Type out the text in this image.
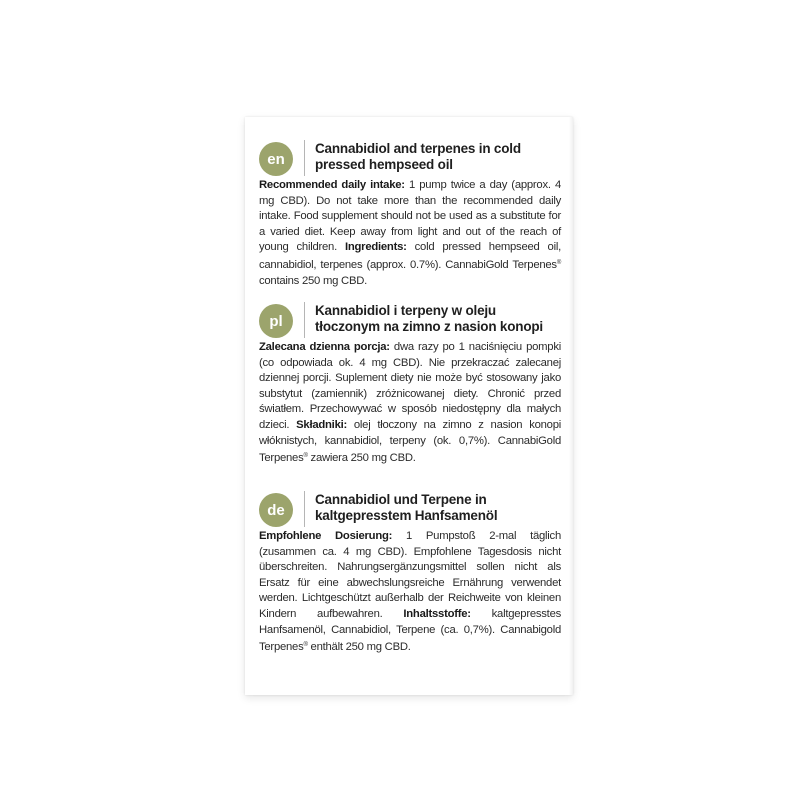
en
Cannabidiol and terpenes in cold pressed hempseed oil

Recommended daily intake: 1 pump twice a day (approx. 4 mg CBD). Do not take more than the recommended daily intake. Food supplement should not be used as a substitute for a varied diet. Keep away from light and out of the reach of young children. Ingredients: cold pressed hempseed oil, cannabidiol, terpenes (approx. 0.7%). CannabiGold Terpenes® contains 250 mg CBD.

pl
Kannabidiol i terpeny w oleju tłoczonym na zimno z nasion konopi

Zalecana dzienna porcja: dwa razy po 1 naciśnięciu pompki (co odpowiada ok. 4 mg CBD). Nie przekraczać zalecanej dziennej porcji. Suplement diety nie może być stosowany jako substytut (zamiennik) zróżnicowanej diety. Chronić przed światłem. Przechowywać w sposób niedostępny dla małych dzieci. Składniki: olej tłoczony na zimno z nasion konopi włóknistych, kannabidiol, terpeny (ok. 0,7%). CannabiGold Terpenes® zawiera 250 mg CBD.

de
Cannabidiol und Terpene in kaltgepresstem Hanfsamenöl

Empfohlene Dosierung: 1 Pumpstoß 2-mal täglich (zusammen ca. 4 mg CBD). Empfohlene Tagesdosis nicht überschreiten. Nahrungsergänzungsmittel sollen nicht als Ersatz für eine abwechslungsreiche Ernährung verwendet werden. Lichtgeschützt außerhalb der Reichweite von kleinen Kindern aufbewahren. Inhaltsstoffe: kaltgepresstes Hanfsamenöl, Cannabidiol, Terpene (ca. 0,7%). Cannabigold Terpenes® enthält 250 mg CBD.
